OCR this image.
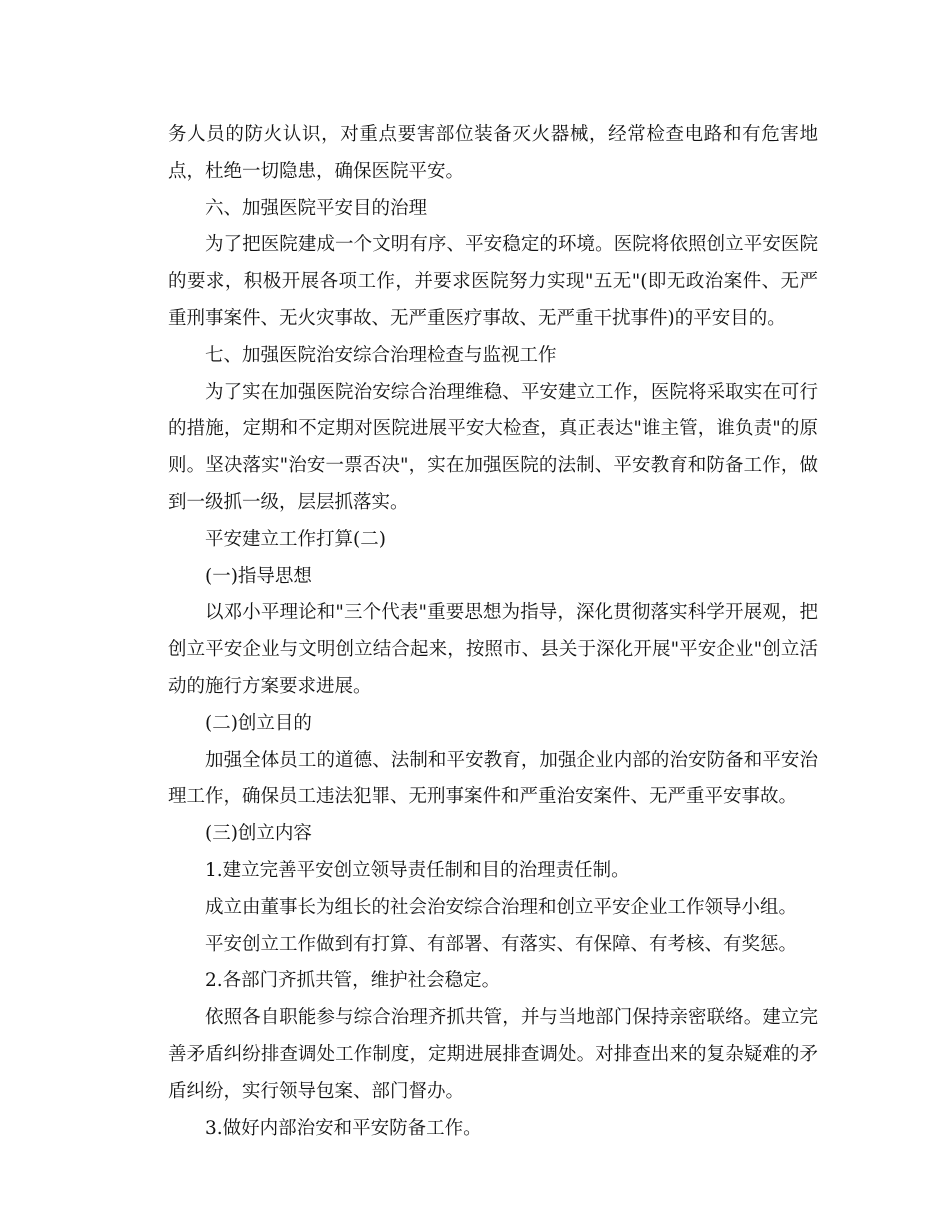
务人员的防火认识，对重点要害部位装备灭火器械，经常检查电路和有危害地点，杜绝一切隐患，确保医院平安。

六、加强医院平安目的治理

为了把医院建成一个文明有序、平安稳定的环境。医院将依照创立平安医院的要求，积极开展各项工作，并要求医院努力实现"五无"(即无政治案件、无严重刑事案件、无火灾事故、无严重医疗事故、无严重干扰事件)的平安目的。

七、加强医院治安综合治理检查与监视工作

为了实在加强医院治安综合治理维稳、平安建立工作，医院将采取实在可行的措施，定期和不定期对医院进展平安大检查，真正表达"谁主管，谁负责"的原则。坚决落实"治安一票否决"，实在加强医院的法制、平安教育和防备工作，做到一级抓一级，层层抓落实。

平安建立工作打算(二)

(一)指导思想

以邓小平理论和"三个代表"重要思想为指导，深化贯彻落实科学开展观，把创立平安企业与文明创立结合起来，按照市、县关于深化开展"平安企业"创立活动的施行方案要求进展。

(二)创立目的

加强全体员工的道德、法制和平安教育，加强企业内部的治安防备和平安治理工作，确保员工违法犯罪、无刑事案件和严重治安案件、无严重平安事故。

(三)创立内容

1.建立完善平安创立领导责任制和目的治理责任制。

成立由董事长为组长的社会治安综合治理和创立平安企业工作领导小组。

平安创立工作做到有打算、有部署、有落实、有保障、有考核、有奖惩。

2.各部门齐抓共管，维护社会稳定。

依照各自职能参与综合治理齐抓共管，并与当地部门保持亲密联络。建立完善矛盾纠纷排查调处工作制度，定期进展排查调处。对排查出来的复杂疑难的矛盾纠纷，实行领导包案、部门督办。

3.做好内部治安和平安防备工作。
